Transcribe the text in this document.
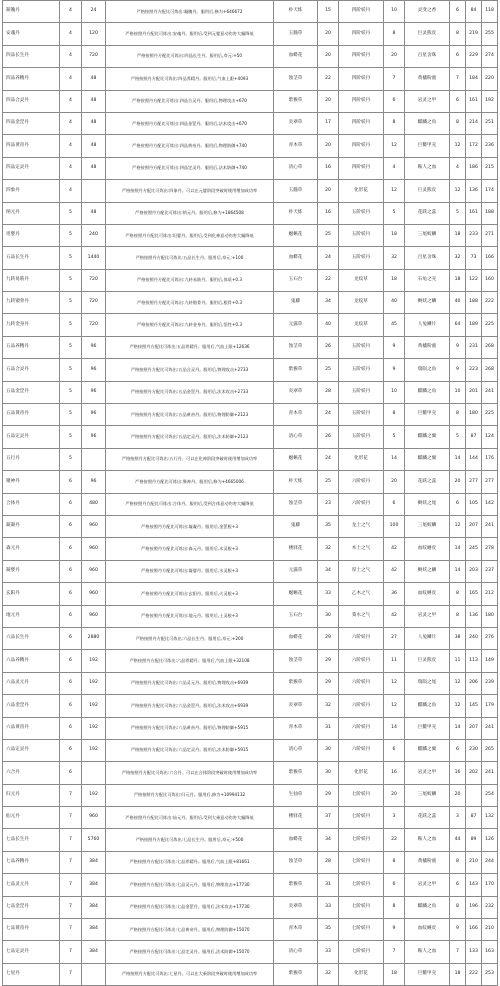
凝魄丹	4	24	严格按照丹方配比可炼出:凝魄丹。服用后,修为+646672	朴天炼	15	四阶妖丹	10	灵变之香	6	84	118
安魂丹	4	120	严格按照丹方配比可炼出:安魂丹。服用后,受到元婴意动伤害大幅降低	玉髓草	20	四阶妖丹	8	巨灵熊皮	8	219	255
四品长生丹	4	720	严格按照丹方配比可炼出:四品长生丹。服用后,寿元:+50	血蟒花	20	四阶妖丹	20	百星舍珠	6	229	274
四品养精丹	4	48	严格按照丹方配比可炼出:四品养精丹。服用后,气血上限+4093	蚀茎草	22	四阶妖丹	7	黄橘粉液	7	184	220
四品合灵丹	4	48	严格按照丹方配比可炼出:四品合灵丹。服用后,物理攻击+670	紫猴草	20	四阶妖丹	6	岩灵之甲	6	161	192
四品金罡丹	4	48	严格按照丹方配比可炼出:四品金罡丹。服用后,法术攻击+670	炎翠草	17	四阶妖丹	8	麒麟之角	8	214	251
四品黄帝丹	4	48	严格按照丹方配比可炼出:四品黄帝丹。服用后,物理防御+740	青木草	20	四阶妖丹	12	巨鳖甲壳	12	172	236
四品定灵丹	4	48	严格按照丹方配比可炼出:四品定灵丹。服用后,法术防御+740	清心草	16	四阶妖丹	4	鞍人之血	4	186	215
四象丹	4		严格按照丹方配比可炼出:四象丹。可以在元婴阶段突破时使用增加成功率	玉髓草	20	化形花	12	巨灵熊皮	12	136	174
纳元丹	5	48	严格按照丹方配比可炼出:纳元丹。服用后,修为+1864508	朴天炼	16	五阶妖丹	5	花跃之蕊	5	161	188
坦婴丹	5	240	严格按照丹方配比可炼出:坦婴丹。服用后,受到化神意动伤害大幅降低	蜒蜥花	25	五阶妖丹	18	三尾蛟鳞	18	233	271
五品长生丹	5	1440	严格按照丹方配比可炼出:五品长生丹。服用后,寿元:+100	血蟒花	24	五阶妖丹	32	百星舍珠	32	73	166
九转易筋丹	5	720	严格按照丹方配比可炼出:九转易筋丹。服用后,体质+0.3	玉石台	22	龙纹草	18	石龟之壳	18	122	160
九转锻骨丹	5	720	严格按照丹方配比可炼出:九转锻骨丹。服用后,根骨+0.3	鬼藤	34	龙纹草	40	鲥妖之鳞	40	188	222
九转金身丹	5	720	严格按照丹方配比可炼出:九转金身丹。服用后,悟性+0.3	元露草	40	龙纹草	45	人兔鳞片	64	189	225
五品养精丹	5	96	严格按照丹方配比可炼出:五品养精丹。服用后,气血上限+12636	蚀茎草	26	五阶妖丹	9	黄橘粉液	9	231	268
五品合灵丹	5	96	严格按照丹方配比可炼出:五品合灵丹。服用后,物理攻击+2733	紫猴草	25	五阶妖丹	9	瑞陨之角	9	223	268
五品金罡丹	5	96	严格按照丹方配比可炼出:五品金罡丹。服用后,法术攻击+2733	炎翠草	28	五阶妖丹	10	麒麟之角	10	201	241
五品黄帝丹	5	96	严格按照丹方配比可炼出:五品黄帝丹。服用后,物理防御+2123	青木草	24	五阶妖丹	8	巨鳖甲壳	8	180	225
五品定灵丹	5	96	严格按照丹方配比可炼出:五品定灵丹。服用后,法术防御+2123	清心草	26	五阶妖丹	5	麒麟之翼	5	87	124
五行丹	5		严格按照丹方配比可炼出:五行丹。可以在化神阶段突破时使用增加成功率	蜒蜥花	24	化形花	14	麒麟之翼	14	144	176
聚神丹	6	96	严格按照丹方配比可炼出:聚神丹。服用后,修为+4665006	朴天炼	25	六阶妖丹	20	花跃之蕊	20	277	277
合体丹	6	480	严格按照丹方配比可炼出:合体丹。服用后,受到合体意动伤害大幅降低	蚀茎草	23	六阶妖丹	6	鲥妖之尾	6	105	142
凝凝丹	6	960	严格按照丹方配比可炼出:凝凝丹。服用后,金罡根+3	鬼藤	35	龙土之气	100	三尾蛟鳞	12	207	241
森元丹	6	960	严格按照丹方配比可炼出:森元丹。服用后,木灵根+3	楼驿花	32	木土之气	42	血纹蚺皮	14	245	278
凝婴丹	6	960	严格按照丹方配比可炼出:凝婴丹。服用后,水灵根+3	元露草	34	厚土之气	42	鲥妖之鳞	14	203	237
玄阳丹	6	960	严格按照丹方配比可炼出:玄阳丹。服用后,火灵根+3	蜒蜥花	33	乙木之气	36	血纹蚺皮	8	165	212
地元丹	6	960	严格按照丹方配比可炼出:地元丹。服用后,土灵根+3	玉石台	30	葵水之气	42	岩灵之甲	8	136	180
六品长生丹	6	2880	严格按照丹方配比可炼出:六品长生丹。服用后,寿元:+200	血蟒花	29	六阶妖丹	27	人兔鳞片	38	240	276
六品养精丹	6	192	严格按照丹方配比可炼出:六品养精丹。服用后,气血上限+32108	蚀茎草	29	六阶妖丹	11	巨灵熊皮	11	113	149
六品灵元丹	6	192	严格按照丹方配比可炼出:六品灵元丹。服用后,物理攻击+6939	紫猴草	29	六阶妖丹	12	瑞陨之尾	12	206	239
六品金罡丹	6	192	严格按照丹方配比可炼出:六品金罡丹。服用后,法术攻击+6939	炎翠草	32	六阶妖丹	12	麒麟之角	12	145	179
六品黄帝丹	6	192	严格按照丹方配比可炼出:六品黄帝丹。服用后,物理防御+5915	青木草	31	六阶妖丹	14	巨鳖甲壳	14	207	241
六品定灵丹	6	192	严格按照丹方配比可炼出:六品定灵丹。服用后,法术防御+5915	清心草	30	六阶妖丹	6	麒麟之翼	6	230	265
六合丹	6		严格按照丹方配比可炼出:六合丹。可以在合体阶段突破时使用增加成功率	紫猴草	30	化形花	16	岩灵之甲	16	202	241
归元丹	7	192	严格按照丹方配比可炼出:归元丹。服用后,修为+10994132	生仙草	29	七阶妖丹	20	三尾蛟鳞	20		254
仙元丹	7	960	严格按照丹方配比可炼出:仙元丹。服用后,受到大乘意动伤害大幅降低	楼驿花	37	七阶妖丹	3	花跃之蕊	3	87	132
七品长生丹	7	5760	严格按照丹方配比可炼出:七品长生丹。服用后,寿元:+500	血蟒花	34	七阶妖丹	22	鞍人之血	44	89	126
七品养精丹	7	384	严格按照丹方配比可炼出:七品养精丹。服用后,气血上限+81661	蚀茎草	28	七阶妖丹	8	黄橘粉液	8	210	244
七品灵元丹	7	384	严格按照丹方配比可炼出:七品灵元丹。服用后,物理攻击+17730	紫猴草	31	七阶妖丹	6	岩灵之甲	6	143	170
七品金罡丹	7	384	严格按照丹方配比可炼出:七品金罡丹。服用后,法术攻击+17730	炎翠草	33	七阶妖丹	8	麒麟之角	8	196	232
七品黄帝丹	7	384	严格按照丹方配比可炼出:七品黄帝丹。服用后,物理防御+15070	青木草	35	七阶妖丹	9	血纹蚺皮	9	166	210
七品定灵丹	7	384	严格按照丹方配比可炼出:七品定灵丹。服用后,法术防御+15070	清心草	33	七阶妖丹	7	鞍人之血	7	133	163
七星丹	7		严格按照丹方配比可炼出:七星丹。可以在大乘阶段突破时使用增加成功率	紫猴草	32	化形花	18	巨鳖甲壳	18	222	253
